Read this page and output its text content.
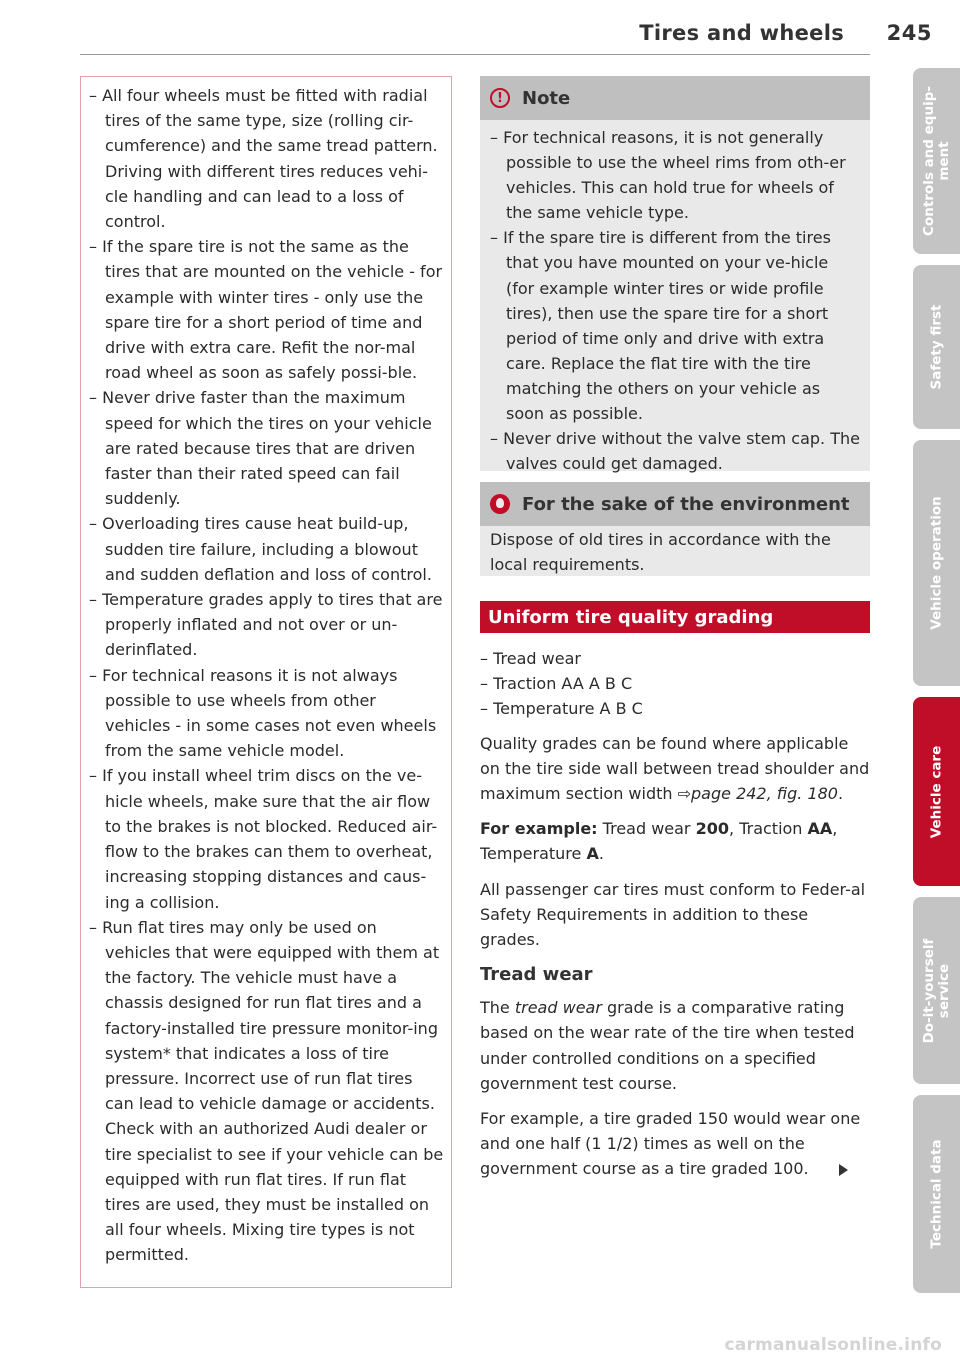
Tires and wheels 245
– All four wheels must be fitted with radial tires of the same type, size (rolling cir-cumference) and the same tread pattern. Driving with different tires reduces vehi-cle handling and can lead to a loss of control.
– If the spare tire is not the same as the tires that are mounted on the vehicle - for example with winter tires - only use the spare tire for a short period of time and drive with extra care. Refit the nor-mal road wheel as soon as safely possi-ble.
– Never drive faster than the maximum speed for which the tires on your vehicle are rated because tires that are driven faster than their rated speed can fail suddenly.
– Overloading tires cause heat build-up, sudden tire failure, including a blowout and sudden deflation and loss of control.
– Temperature grades apply to tires that are properly inflated and not over or un-derinflated.
– For technical reasons it is not always possible to use wheels from other vehicles - in some cases not even wheels from the same vehicle model.
– If you install wheel trim discs on the ve-hicle wheels, make sure that the air flow to the brakes is not blocked. Reduced air-flow to the brakes can them to overheat, increasing stopping distances and caus-ing a collision.
– Run flat tires may only be used on vehicles that were equipped with them at the factory. The vehicle must have a chassis designed for run flat tires and a factory-installed tire pressure monitor-ing system* that indicates a loss of tire pressure. Incorrect use of run flat tires can lead to vehicle damage or accidents. Check with an authorized Audi dealer or tire specialist to see if your vehicle can be equipped with run flat tires. If run flat tires are used, they must be installed on all four wheels. Mixing tire types is not permitted.
!	Note
– For technical reasons, it is not generally possible to use the wheel rims from oth-er vehicles. This can hold true for wheels of the same vehicle type.
– If the spare tire is different from the tires that you have mounted on your ve-hicle (for example winter tires or wide profile tires), then use the spare tire for a short period of time only and drive with extra care. Replace the flat tire with the tire matching the others on your vehicle as soon as possible.
– Never drive without the valve stem cap. The valves could get damaged.
For the sake of the environment
Dispose of old tires in accordance with the local requirements.
Uniform tire quality grading
– Tread wear
– Traction AA A B C
– Temperature A B C

Quality grades can be found where applicable on the tire side wall between tread shoulder and maximum section width ⇨page 242, fig. 180.

For example: Tread wear 200, Traction AA, Temperature A.

All passenger car tires must conform to Feder-al Safety Requirements in addition to these grades.

Tread wear

The tread wear grade is a comparative rating based on the wear rate of the tire when tested under controlled conditions on a specified government test course.

For example, a tire graded 150 would wear one and one half (1 1/2) times as well on the government course as a tire graded 100.

Controls and equip-
ment
Safety first
Vehicle operation
Vehicle care
Do-it-yourself
service
Technical data
carmanualsonline.info
